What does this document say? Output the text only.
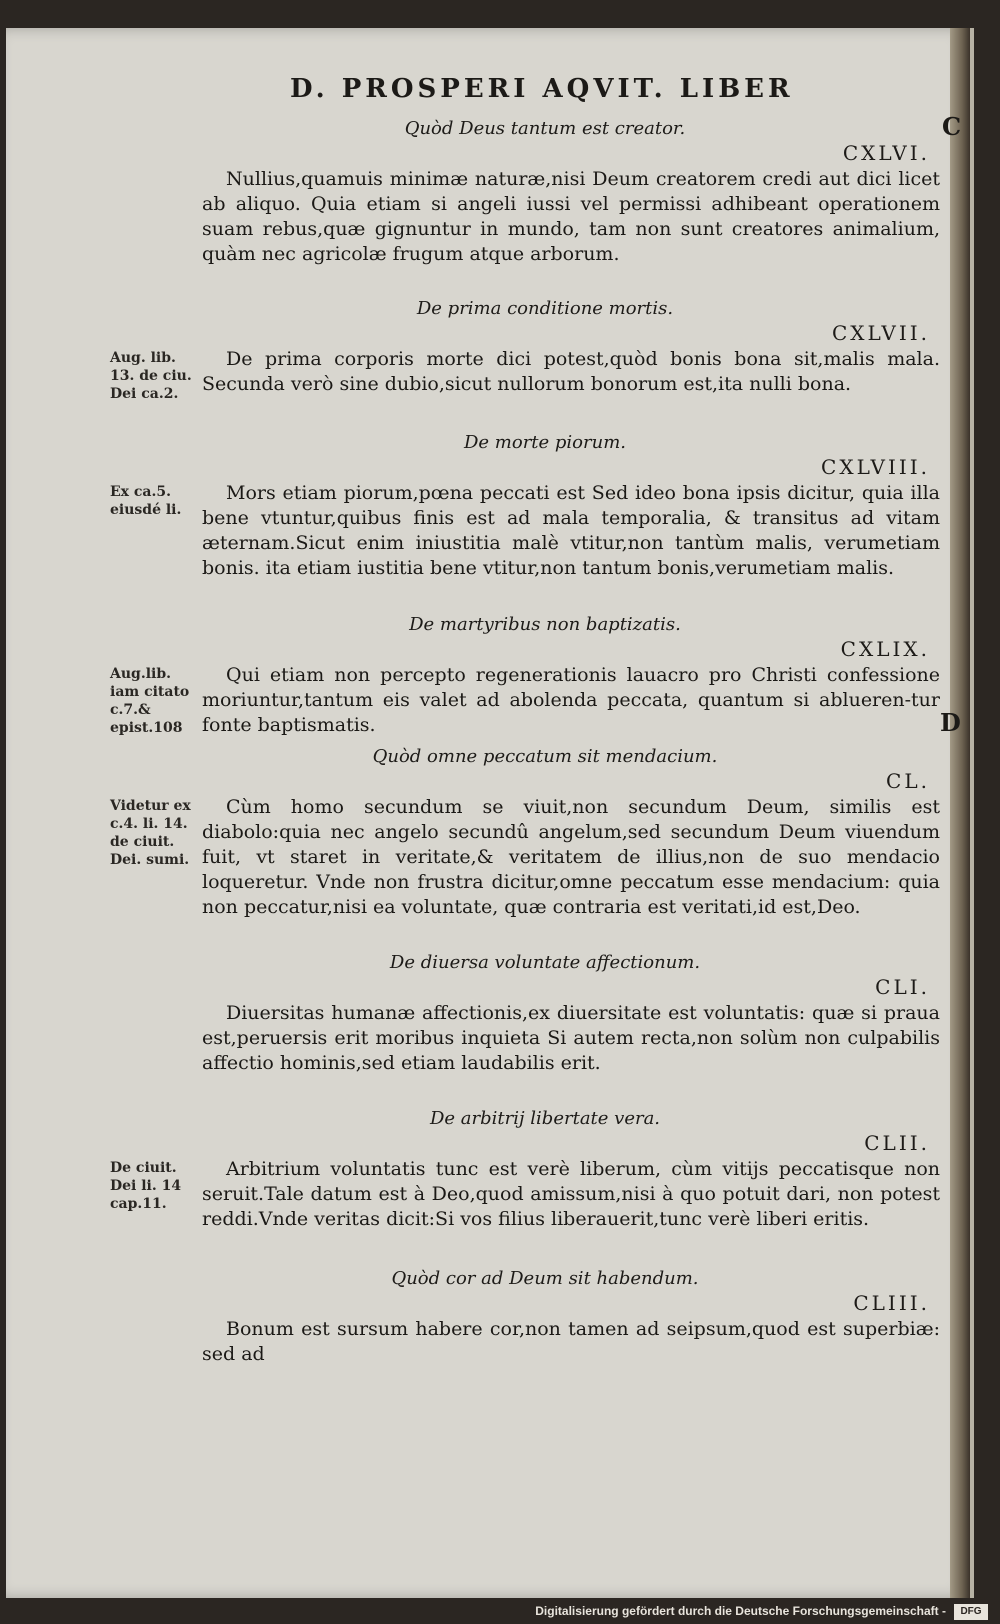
D. PROSPERI AQVIT. LIBER
C
D
Quòd Deus tantum est creator.
CXLVI.
Nullius,quamuis minimæ naturæ,nisi Deum creatorem credi aut dici licet ab aliquo. Quia etiam si angeli iussi vel permissi adhibeant operationem suam rebus,quæ gignuntur in mundo, tam non sunt creatores animalium, quàm nec agricolæ frugum atque arborum.
De prima conditione mortis.
CXLVII.
Aug. lib. 13. de ciu. Dei ca.2.
De prima corporis morte dici potest,quòd bonis bona sit,malis mala. Secunda verò sine dubio,sicut nullorum bonorum est,ita nulli bona.
De morte piorum.
CXLVIII.
Ex ca.5. eiusdé li.
Mors etiam piorum,pœna peccati est Sed ideo bona ipsis dicitur, quia illa bene vtuntur,quibus finis est ad mala temporalia, & transitus ad vitam æternam.Sicut enim iniustitia malè vtitur,non tantùm malis, verumetiam bonis. ita etiam iustitia bene vtitur,non tantum bonis,verumetiam malis.
De martyribus non baptizatis.
CXLIX.
Aug.lib. iam citato c.7.& epist.108
Qui etiam non percepto regenerationis lauacro pro Christi confessione moriuntur,tantum eis valet ad abolenda peccata, quantum si ablueren-tur fonte baptismatis.
Quòd omne peccatum sit mendacium.
CL.
Videtur ex c.4. li. 14. de ciuit. Dei. sumi.
Cùm homo secundum se viuit,non secundum Deum, similis est diabolo:quia nec angelo secundû angelum,sed secundum Deum viuendum fuit, vt staret in veritate,& veritatem de illius,non de suo mendacio loqueretur. Vnde non frustra dicitur,omne peccatum esse mendacium: quia non peccatur,nisi ea voluntate, quæ contraria est veritati,id est,Deo.
De diuersa voluntate affectionum.
CLI.
Diuersitas humanæ affectionis,ex diuersitate est voluntatis: quæ si praua est,peruersis erit moribus inquieta Si autem recta,non solùm non culpabilis affectio hominis,sed etiam laudabilis erit.
De arbitrij libertate vera.
CLII.
De ciuit. Dei li. 14 cap.11.
Arbitrium voluntatis tunc est verè liberum, cùm vitijs peccatisque non seruit.Tale datum est à Deo,quod amissum,nisi à quo potuit dari, non potest reddi.Vnde veritas dicit:Si vos filius liberauerit,tunc verè liberi eritis.
Quòd cor ad Deum sit habendum.
CLIII.
Bonum est sursum habere cor,non tamen ad seipsum,quod est superbiæ: sed ad
Digitalisierung gefördert durch die Deutsche Forschungsgemeinschaft -	DFG
